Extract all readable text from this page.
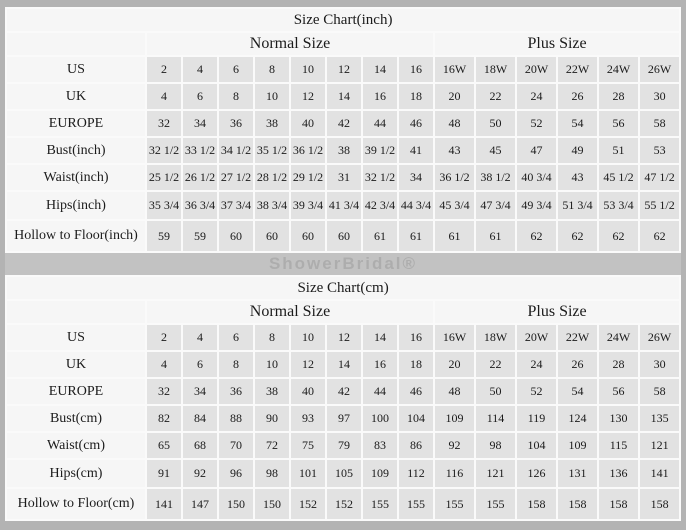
Size Chart(inch)														
	Normal Size								Plus Size					
US	2	4	6	8	10	12	14	16	16W	18W	20W	22W	24W	26W
UK	4	6	8	10	12	14	16	18	20	22	24	26	28	30
EUROPE	32	34	36	38	40	42	44	46	48	50	52	54	56	58
Bust(inch)	32 1/2	33 1/2	34 1/2	35 1/2	36 1/2	38	39 1/2	41	43	45	47	49	51	53
Waist(inch)	25 1/2	26 1/2	27 1/2	28 1/2	29 1/2	31	32 1/2	34	36 1/2	38 1/2	40 3/4	43	45 1/2	47 1/2
Hips(inch)	35 3/4	36 3/4	37 3/4	38 3/4	39 3/4	41 3/4	42 3/4	44 3/4	45 3/4	47 3/4	49 3/4	51 3/4	53 3/4	55 1/2
Hollow to Floor(inch)	59	59	60	60	60	60	61	61	61	61	62	62	62	62
ShowerBridal®
Size Chart(cm)														
	Normal Size								Plus Size					
US	2	4	6	8	10	12	14	16	16W	18W	20W	22W	24W	26W
UK	4	6	8	10	12	14	16	18	20	22	24	26	28	30
EUROPE	32	34	36	38	40	42	44	46	48	50	52	54	56	58
Bust(cm)	82	84	88	90	93	97	100	104	109	114	119	124	130	135
Waist(cm)	65	68	70	72	75	79	83	86	92	98	104	109	115	121
Hips(cm)	91	92	96	98	101	105	109	112	116	121	126	131	136	141
Hollow to Floor(cm)	141	147	150	150	152	152	155	155	155	155	158	158	158	158
